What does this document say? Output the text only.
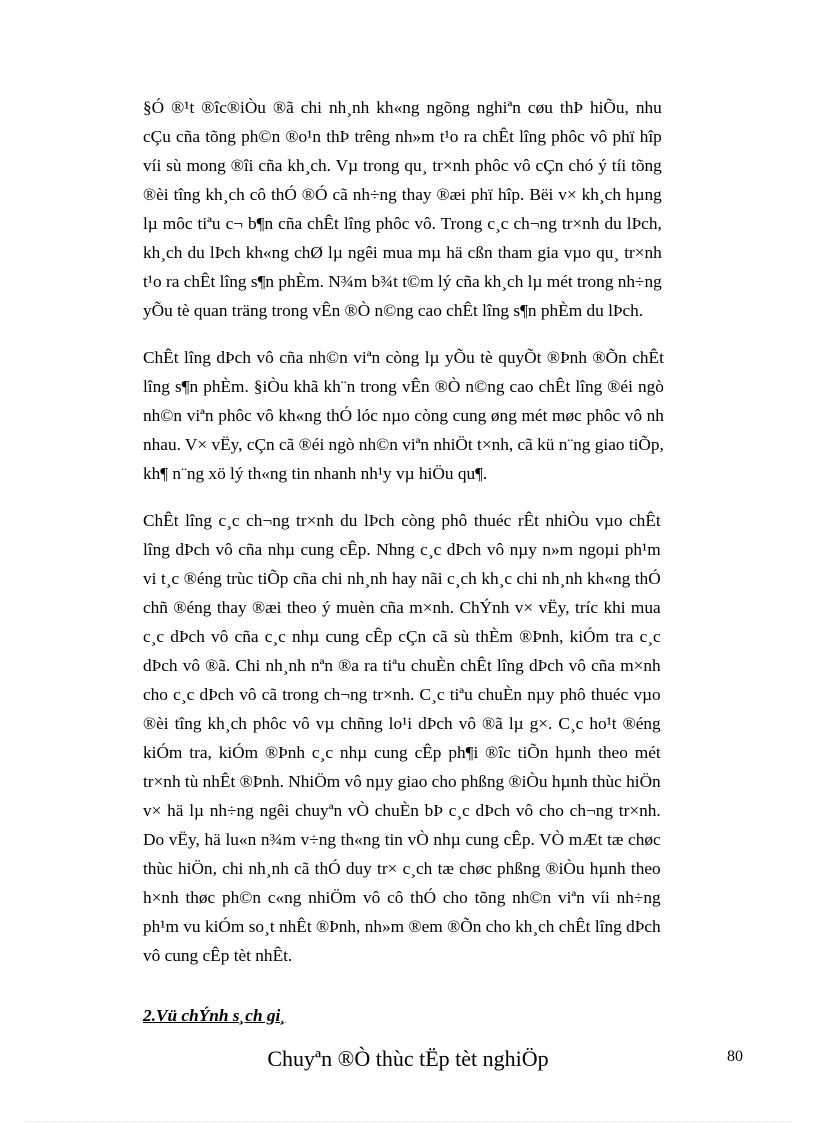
§Ó ®¹t ®îc®iÒu ®ã chi nh¸nh kh«ng ngõng nghiªn cøu thÞ hiÕu, nhu
cÇu cña tõng ph©n ®o¹n thÞ trêng nh»m t¹o ra chÊt lîng phôc vô phï hîp
víi sù mong ®îi cña kh¸ch. Vµ trong qu¸ tr×nh phôc vô cÇn chó ý tíi tõng
®èi tîng kh¸ch cô thÓ ®Ó cã nh÷ng thay ®æi phï hîp. Bëi v× kh¸ch hµng
lµ môc tiªu c¬ b¶n cña chÊt lîng phôc vô. Trong c¸c ch¬ng tr×nh du lÞch,
kh¸ch du lÞch kh«ng chØ lµ ngêi mua mµ hä cßn tham gia vµo qu¸ tr×nh
t¹o ra chÊt lîng s¶n phÈm. N¾m b¾t t©m lý cña kh¸ch lµ mét trong nh÷ng
yÕu tè quan träng trong vÊn ®Ò n©ng cao chÊt lîng s¶n phÈm du lÞch.

ChÊt lîng dÞch vô cña nh©n viªn còng lµ yÕu tè quyÕt ®Þnh ®Õn chÊt
lîng s¶n phÈm. §iÒu khã kh¨n trong vÊn ®Ò n©ng cao chÊt lîng ®éi ngò
nh©n viªn phôc vô kh«ng thÓ lóc nµo còng cung øng mét møc phôc vô nh
nhau. V× vËy, cÇn cã ®éi ngò nh©n viªn nhiÖt t×nh, cã kü n¨ng giao tiÕp,
kh¶ n¨ng xö lý th«ng tin nhanh nh¹y vµ hiÖu qu¶.

ChÊt lîng c¸c ch¬ng tr×nh du lÞch còng phô thuéc rÊt nhiÒu vµo chÊt
lîng dÞch vô cña nhµ cung cÊp. Nhng c¸c dÞch vô nµy n»m ngoµi ph¹m
vi t¸c ®éng trùc tiÕp cña chi nh¸nh hay nãi c¸ch kh¸c chi nh¸nh kh«ng thÓ
chñ ®éng thay ®æi theo ý muèn cña m×nh. ChÝnh v× vËy, tríc khi mua
c¸c dÞch vô cña c¸c nhµ cung cÊp cÇn cã sù thÈm ®Þnh, kiÓm tra c¸c
dÞch vô ®ã. Chi nh¸nh nªn ®a ra tiªu chuÈn chÊt lîng dÞch vô cña m×nh
cho c¸c dÞch vô cã trong ch¬ng tr×nh. C¸c tiªu chuÈn nµy phô thuéc vµo
®èi tîng kh¸ch phôc vô vµ chñng lo¹i dÞch vô ®ã lµ g×. C¸c ho¹t ®éng
kiÓm tra, kiÓm ®Þnh c¸c nhµ cung cÊp ph¶i ®îc tiÕn hµnh theo mét
tr×nh tù nhÊt ®Þnh. NhiÖm vô nµy giao cho phßng ®iÒu hµnh thùc hiÖn
v× hä lµ nh÷ng ngêi chuyªn vÒ chuÈn bÞ c¸c dÞch vô cho ch¬ng tr×nh.
Do vËy, hä lu«n n¾m v÷ng th«ng tin vÒ nhµ cung cÊp. VÒ mÆt tæ chøc
thùc hiÖn, chi nh¸nh cã thÓ duy tr× c¸ch tæ chøc phßng ®iÒu hµnh theo
h×nh thøc ph©n c«ng nhiÖm vô cô thÓ cho tõng nh©n viªn víi nh÷ng
ph¹m vu kiÓm so¸t nhÊt ®Þnh, nh»m ®em ®Õn cho kh¸ch chÊt lîng dÞch
vô cung cÊp tèt nhÊt.

2.Vü chÝnh s¸ch gi¸

Chuyªn ®Ò thùc tËp tèt nghiÖp	80
